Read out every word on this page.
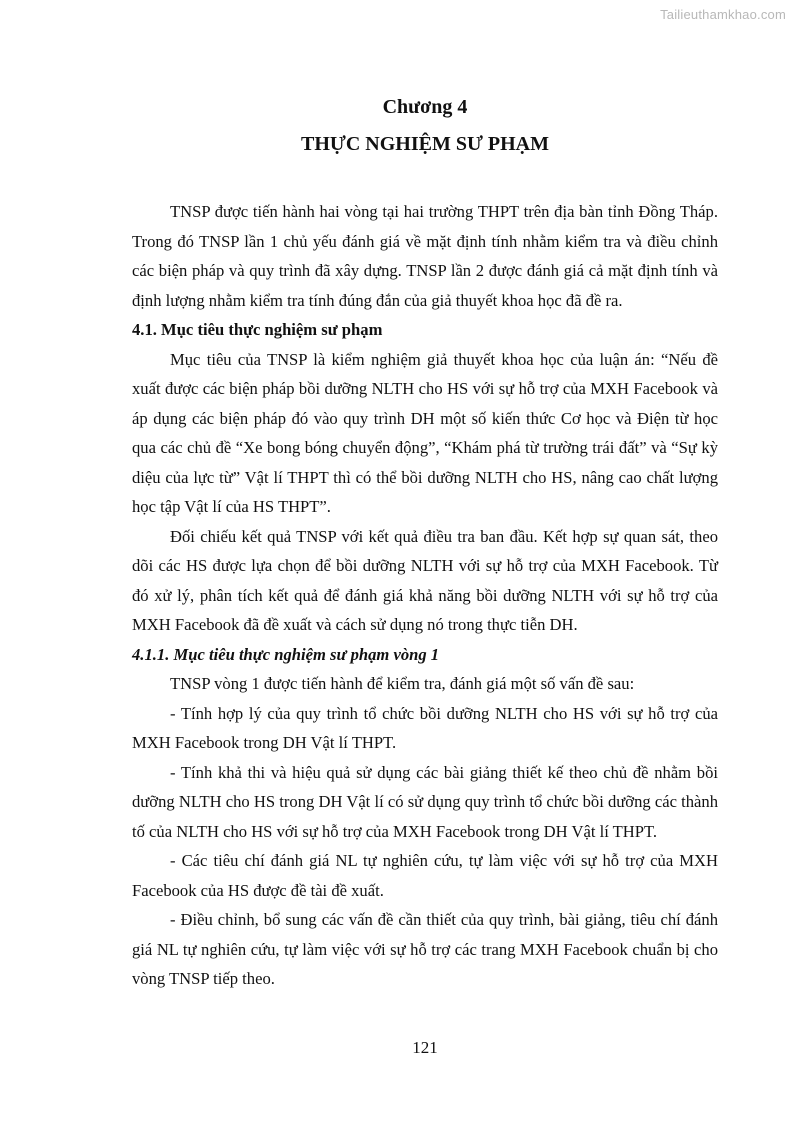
Tailieuthamkhao.com
Chương 4
THỰC NGHIỆM SƯ PHẠM

TNSP được tiến hành hai vòng tại hai trường THPT trên địa bàn tỉnh Đồng Tháp. Trong đó TNSP lần 1 chủ yếu đánh giá về mặt định tính nhằm kiểm tra và điều chỉnh các biện pháp và quy trình đã xây dựng. TNSP lần 2 được đánh giá cả mặt định tính và định lượng nhằm kiểm tra tính đúng đắn của giả thuyết khoa học đã đề ra.

4.1. Mục tiêu thực nghiệm sư phạm

Mục tiêu của TNSP là kiểm nghiệm giả thuyết khoa học của luận án: “Nếu đề xuất được các biện pháp bồi dưỡng NLTH cho HS với sự hỗ trợ của MXH Facebook và áp dụng các biện pháp đó vào quy trình DH một số kiến thức Cơ học và Điện từ học qua các chủ đề “Xe bong bóng chuyển động”, “Khám phá từ trường trái đất” và “Sự kỳ diệu của lực từ” Vật lí THPT thì có thể bồi dưỡng NLTH cho HS, nâng cao chất lượng học tập Vật lí của HS THPT”.

Đối chiếu kết quả TNSP với kết quả điều tra ban đầu. Kết hợp sự quan sát, theo dõi các HS được lựa chọn để bồi dưỡng NLTH với sự hỗ trợ của MXH Facebook. Từ đó xử lý, phân tích kết quả để đánh giá khả năng bồi dưỡng NLTH với sự hỗ trợ của MXH Facebook đã đề xuất và cách sử dụng nó trong thực tiễn DH.

4.1.1. Mục tiêu thực nghiệm sư phạm vòng 1

TNSP vòng 1 được tiến hành để kiểm tra, đánh giá một số vấn đề sau:

- Tính hợp lý của quy trình tổ chức bồi dưỡng NLTH cho HS với sự hỗ trợ của MXH Facebook trong DH Vật lí THPT.

- Tính khả thi và hiệu quả sử dụng các bài giảng thiết kế theo chủ đề nhằm bồi dưỡng NLTH cho HS trong DH Vật lí có sử dụng quy trình tổ chức bồi dưỡng các thành tố của NLTH cho HS với sự hỗ trợ của MXH Facebook trong DH Vật lí THPT.

- Các tiêu chí đánh giá NL tự nghiên cứu, tự làm việc với sự hỗ trợ của MXH Facebook của HS được đề tài đề xuất.

- Điều chỉnh, bổ sung các vấn đề cần thiết của quy trình, bài giảng, tiêu chí đánh giá NL tự nghiên cứu, tự làm việc với sự hỗ trợ các trang MXH Facebook chuẩn bị cho vòng TNSP tiếp theo.

121
